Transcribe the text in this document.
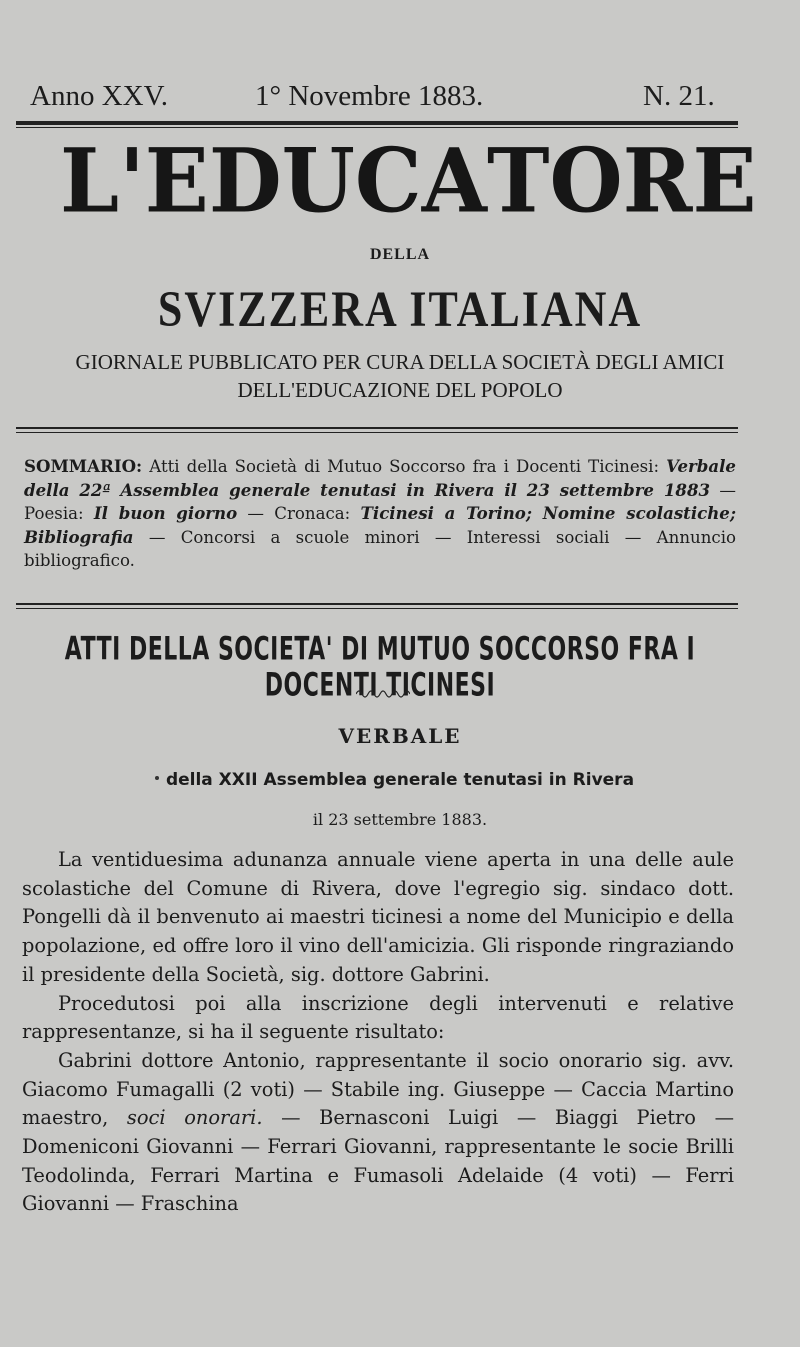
Anno XXV.	1° Novembre 1883.	N. 21.
L' E D U C A T O R E
DELLA
SVIZZERA ITALIANA
GIORNALE PUBBLICATO PER CURA DELLA SOCIETÀ DEGLI AMICI
DELL'EDUCAZIONE DEL POPOLO
SOMMARIO: Atti della Società di Mutuo Soccorso fra i Docenti Ticinesi: Verbale della 22ª Assemblea generale tenutasi in Rivera il 23 settembre 1883 — Poesia: Il buon giorno — Cronaca: Ticinesi a Torino; Nomine scolastiche; Bibliografia — Concorsi a scuole minori — Interessi sociali — Annuncio bibliografico.
ATTI DELLA SOCIETA' DI MUTUO SOCCORSO FRA I DOCENTI TICINESI
VERBALE
della XXII Assemblea generale tenutasi in Rivera
il 23 settembre 1883.

La ventiduesima adunanza annuale viene aperta in una delle aule scolastiche del Comune di Rivera, dove l'egregio sig. sindaco dott. Pongelli dà il benvenuto ai maestri ticinesi a nome del Municipio e della popolazione, ed offre loro il vino dell'amicizia. Gli risponde ringraziando il presidente della Società, sig. dottore Gabrini.

Procedutosi poi alla inscrizione degli intervenuti e relative rappresentanze, si ha il seguente risultato:

Gabrini dottore Antonio, rappresentante il socio onorario sig. avv. Giacomo Fumagalli (2 voti) — Stabile ing. Giuseppe — Caccia Martino maestro, soci onorari. — Bernasconi Luigi — Biaggi Pietro — Domeniconi Giovanni — Ferrari Giovanni, rappresentante le socie Brilli Teodolinda, Ferrari Martina e Fumasoli Adelaide (4 voti) — Ferri Giovanni — Fraschina
